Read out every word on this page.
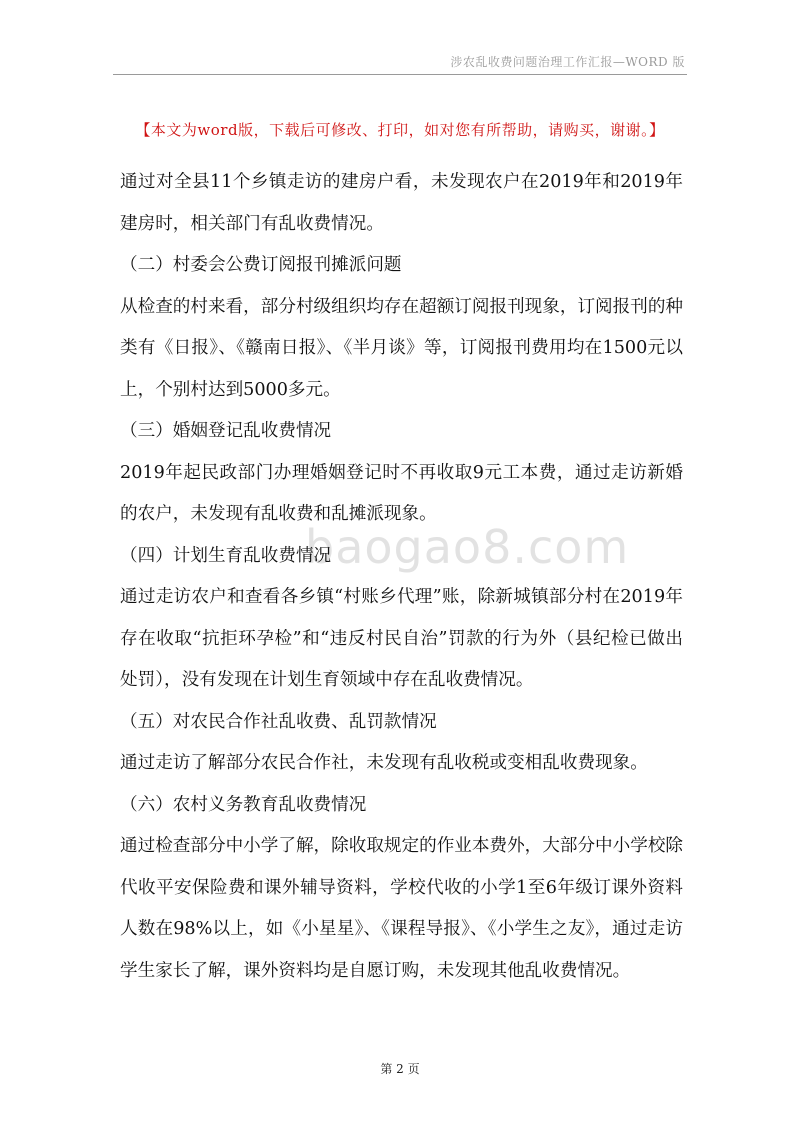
涉农乱收费问题治理工作汇报—WORD 版
【本文为word版，下载后可修改、打印，如对您有所帮助，请购买，谢谢。】
baogao8.com

通过对全县11个乡镇走访的建房户看，未发现农户在2019年和2019年建房时，相关部门有乱收费情况。

（二）村委会公费订阅报刊摊派问题

从检查的村来看，部分村级组织均存在超额订阅报刊现象，订阅报刊的种类有《日报》、《赣南日报》、《半月谈》等，订阅报刊费用均在1500元以上，个别村达到5000多元。

（三）婚姻登记乱收费情况

2019年起民政部门办理婚姻登记时不再收取9元工本费，通过走访新婚的农户，未发现有乱收费和乱摊派现象。

（四）计划生育乱收费情况

通过走访农户和查看各乡镇“村账乡代理”账，除新城镇部分村在2019年存在收取“抗拒环孕检”和“违反村民自治”罚款的行为外（县纪检已做出处罚），没有发现在计划生育领域中存在乱收费情况。

（五）对农民合作社乱收费、乱罚款情况

通过走访了解部分农民合作社，未发现有乱收税或变相乱收费现象。

（六）农村义务教育乱收费情况

通过检查部分中小学了解，除收取规定的作业本费外，大部分中小学校除代收平安保险费和课外辅导资料，学校代收的小学1至6年级订课外资料人数在98%以上，如《小星星》、《课程导报》、《小学生之友》，通过走访学生家长了解，课外资料均是自愿订购，未发现其他乱收费情况。

第 2 页
